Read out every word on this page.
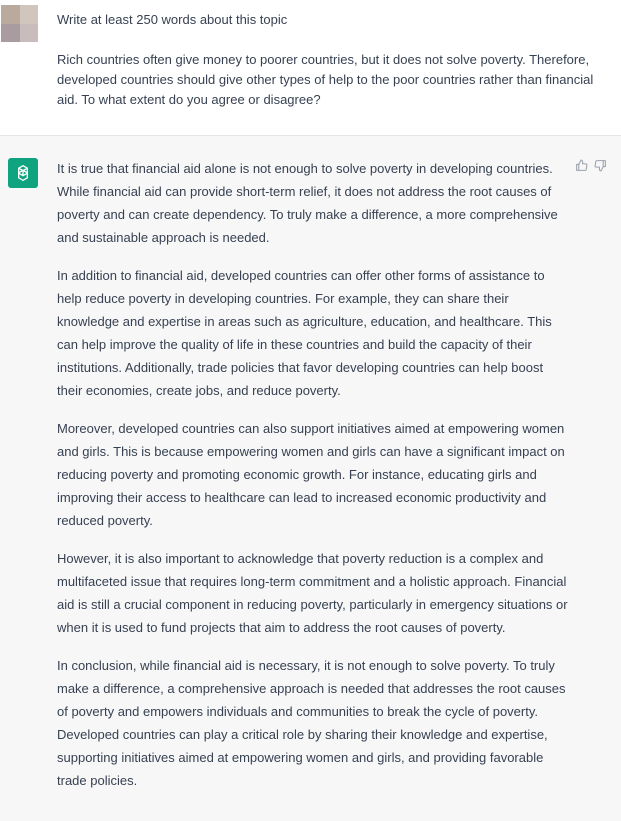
Write at least 250 words about this topic

Rich countries often give money to poorer countries, but it does not solve poverty. Therefore, developed countries should give other types of help to the poor countries rather than financial aid. To what extent do you agree or disagree?

It is true that financial aid alone is not enough to solve poverty in developing countries. While financial aid can provide short-term relief, it does not address the root causes of poverty and can create dependency. To truly make a difference, a more comprehensive and sustainable approach is needed.

In addition to financial aid, developed countries can offer other forms of assistance to help reduce poverty in developing countries. For example, they can share their knowledge and expertise in areas such as agriculture, education, and healthcare. This can help improve the quality of life in these countries and build the capacity of their institutions. Additionally, trade policies that favor developing countries can help boost their economies, create jobs, and reduce poverty.

Moreover, developed countries can also support initiatives aimed at empowering women and girls. This is because empowering women and girls can have a significant impact on reducing poverty and promoting economic growth. For instance, educating girls and improving their access to healthcare can lead to increased economic productivity and reduced poverty.

However, it is also important to acknowledge that poverty reduction is a complex and multifaceted issue that requires long-term commitment and a holistic approach. Financial aid is still a crucial component in reducing poverty, particularly in emergency situations or when it is used to fund projects that aim to address the root causes of poverty.

In conclusion, while financial aid is necessary, it is not enough to solve poverty. To truly make a difference, a comprehensive approach is needed that addresses the root causes of poverty and empowers individuals and communities to break the cycle of poverty. Developed countries can play a critical role by sharing their knowledge and expertise, supporting initiatives aimed at empowering women and girls, and providing favorable trade policies.
